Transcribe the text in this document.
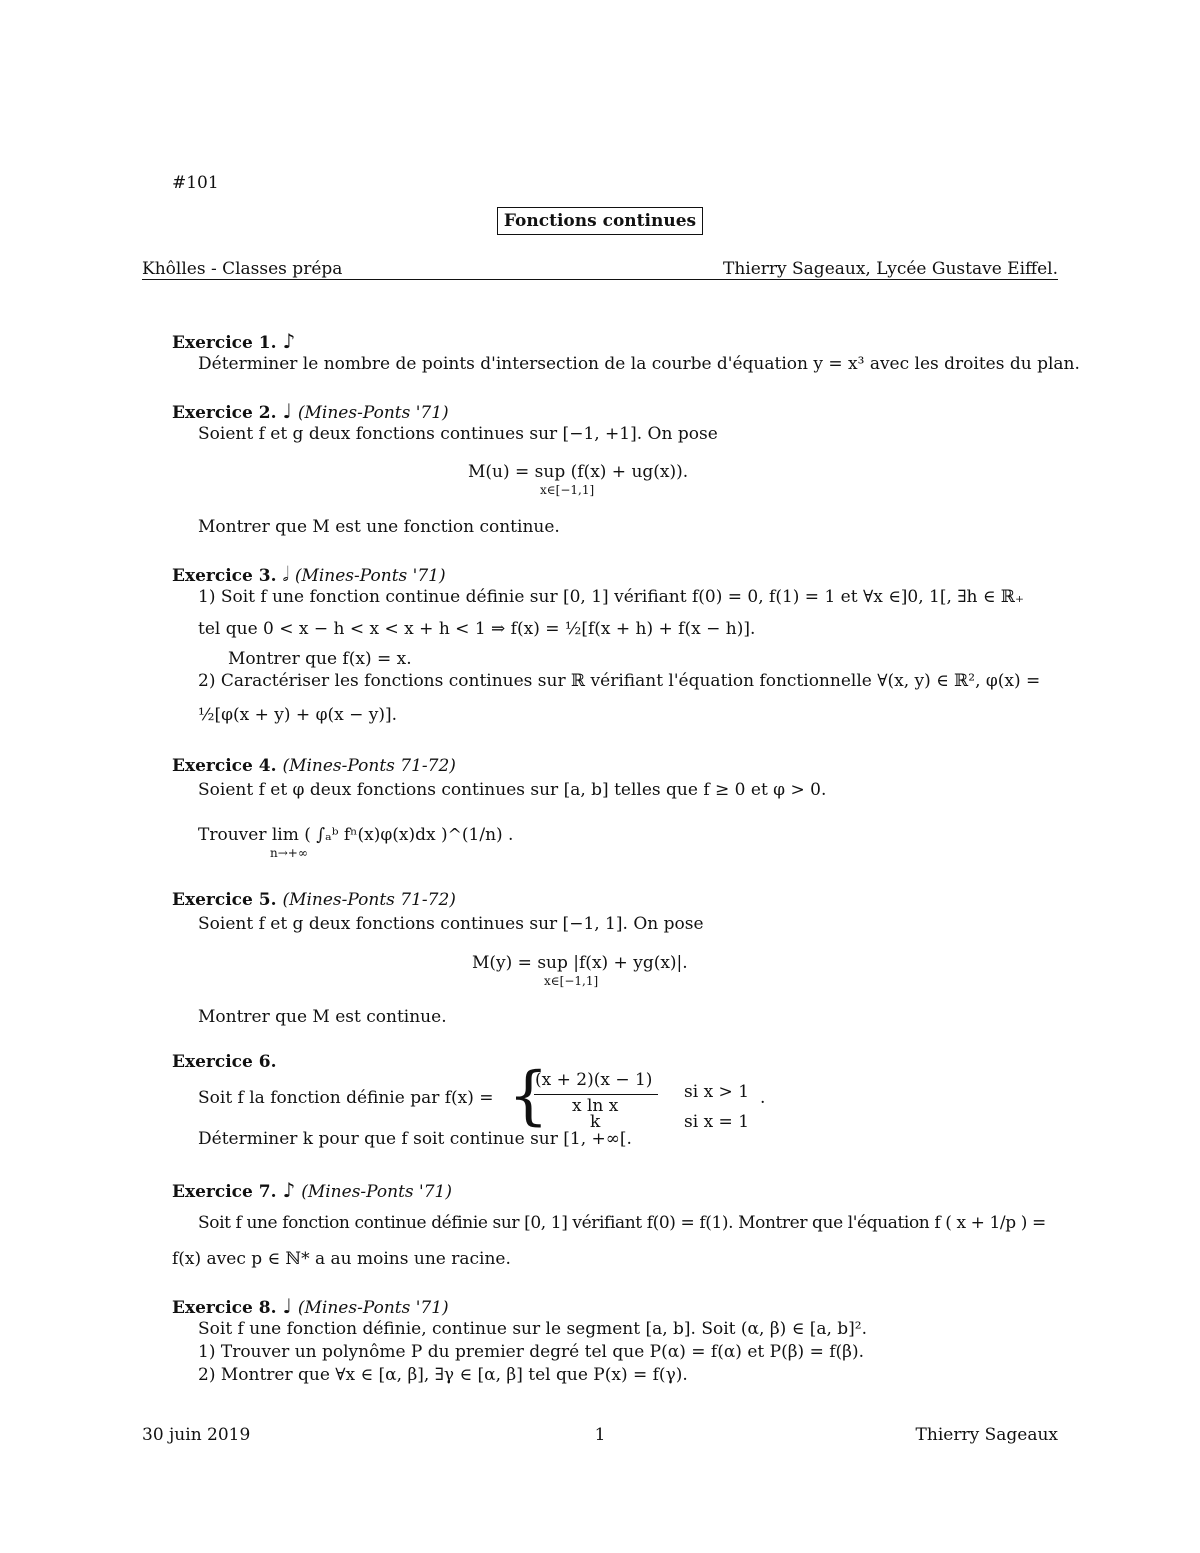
#101
Fonctions continues
Khôlles - Classes prépa	Thierry Sageaux, Lycée Gustave Eiffel.
Exercice 1. ♪
Déterminer le nombre de points d'intersection de la courbe d'équation y = x³ avec les droites du plan.
Exercice 2. ♩ (Mines-Ponts '71)
Soient f et g deux fonctions continues sur [−1, +1]. On pose
M(u) = sup (f(x) + ug(x)).
x∈[−1,1]
Montrer que M est une fonction continue.
Exercice 3. 𝅗𝅥 (Mines-Ponts '71)
1) Soit f une fonction continue définie sur [0, 1] vérifiant f(0) = 0, f(1) = 1 et ∀x ∈]0, 1[, ∃h ∈ ℝ₊
tel que 0 < x − h < x < x + h < 1 ⇒ f(x) = ½[f(x + h) + f(x − h)].
Montrer que f(x) = x.
2) Caractériser les fonctions continues sur ℝ vérifiant l'équation fonctionnelle ∀(x, y) ∈ ℝ², φ(x) =
½[φ(x + y) + φ(x − y)].
Exercice 4. (Mines-Ponts 71-72)
Soient f et φ deux fonctions continues sur [a, b] telles que f ≥ 0 et φ > 0.
Trouver lim ( ∫ₐᵇ fⁿ(x)φ(x)dx )^(1/n) .
n→+∞
Exercice 5. (Mines-Ponts 71-72)
Soient f et g deux fonctions continues sur [−1, 1]. On pose
M(y) = sup |f(x) + yg(x)|.
x∈[−1,1]
Montrer que M est continue.
Exercice 6.
Soit f la fonction définie par f(x) = {
(x + 2)(x − 1)
x ln x
k
si x > 1
si x = 1
.
Déterminer k pour que f soit continue sur [1, +∞[.
Exercice 7. ♪ (Mines-Ponts '71)
Soit f une fonction continue définie sur [0, 1] vérifiant f(0) = f(1). Montrer que l'équation f ( x + 1/p ) =
f(x) avec p ∈ ℕ* a au moins une racine.
Exercice 8. ♩ (Mines-Ponts '71)
Soit f une fonction définie, continue sur le segment [a, b]. Soit (α, β) ∈ [a, b]².
1) Trouver un polynôme P du premier degré tel que P(α) = f(α) et P(β) = f(β).
2) Montrer que ∀x ∈ [α, β], ∃γ ∈ [α, β] tel que P(x) = f(γ).
30 juin 2019	1	Thierry Sageaux
